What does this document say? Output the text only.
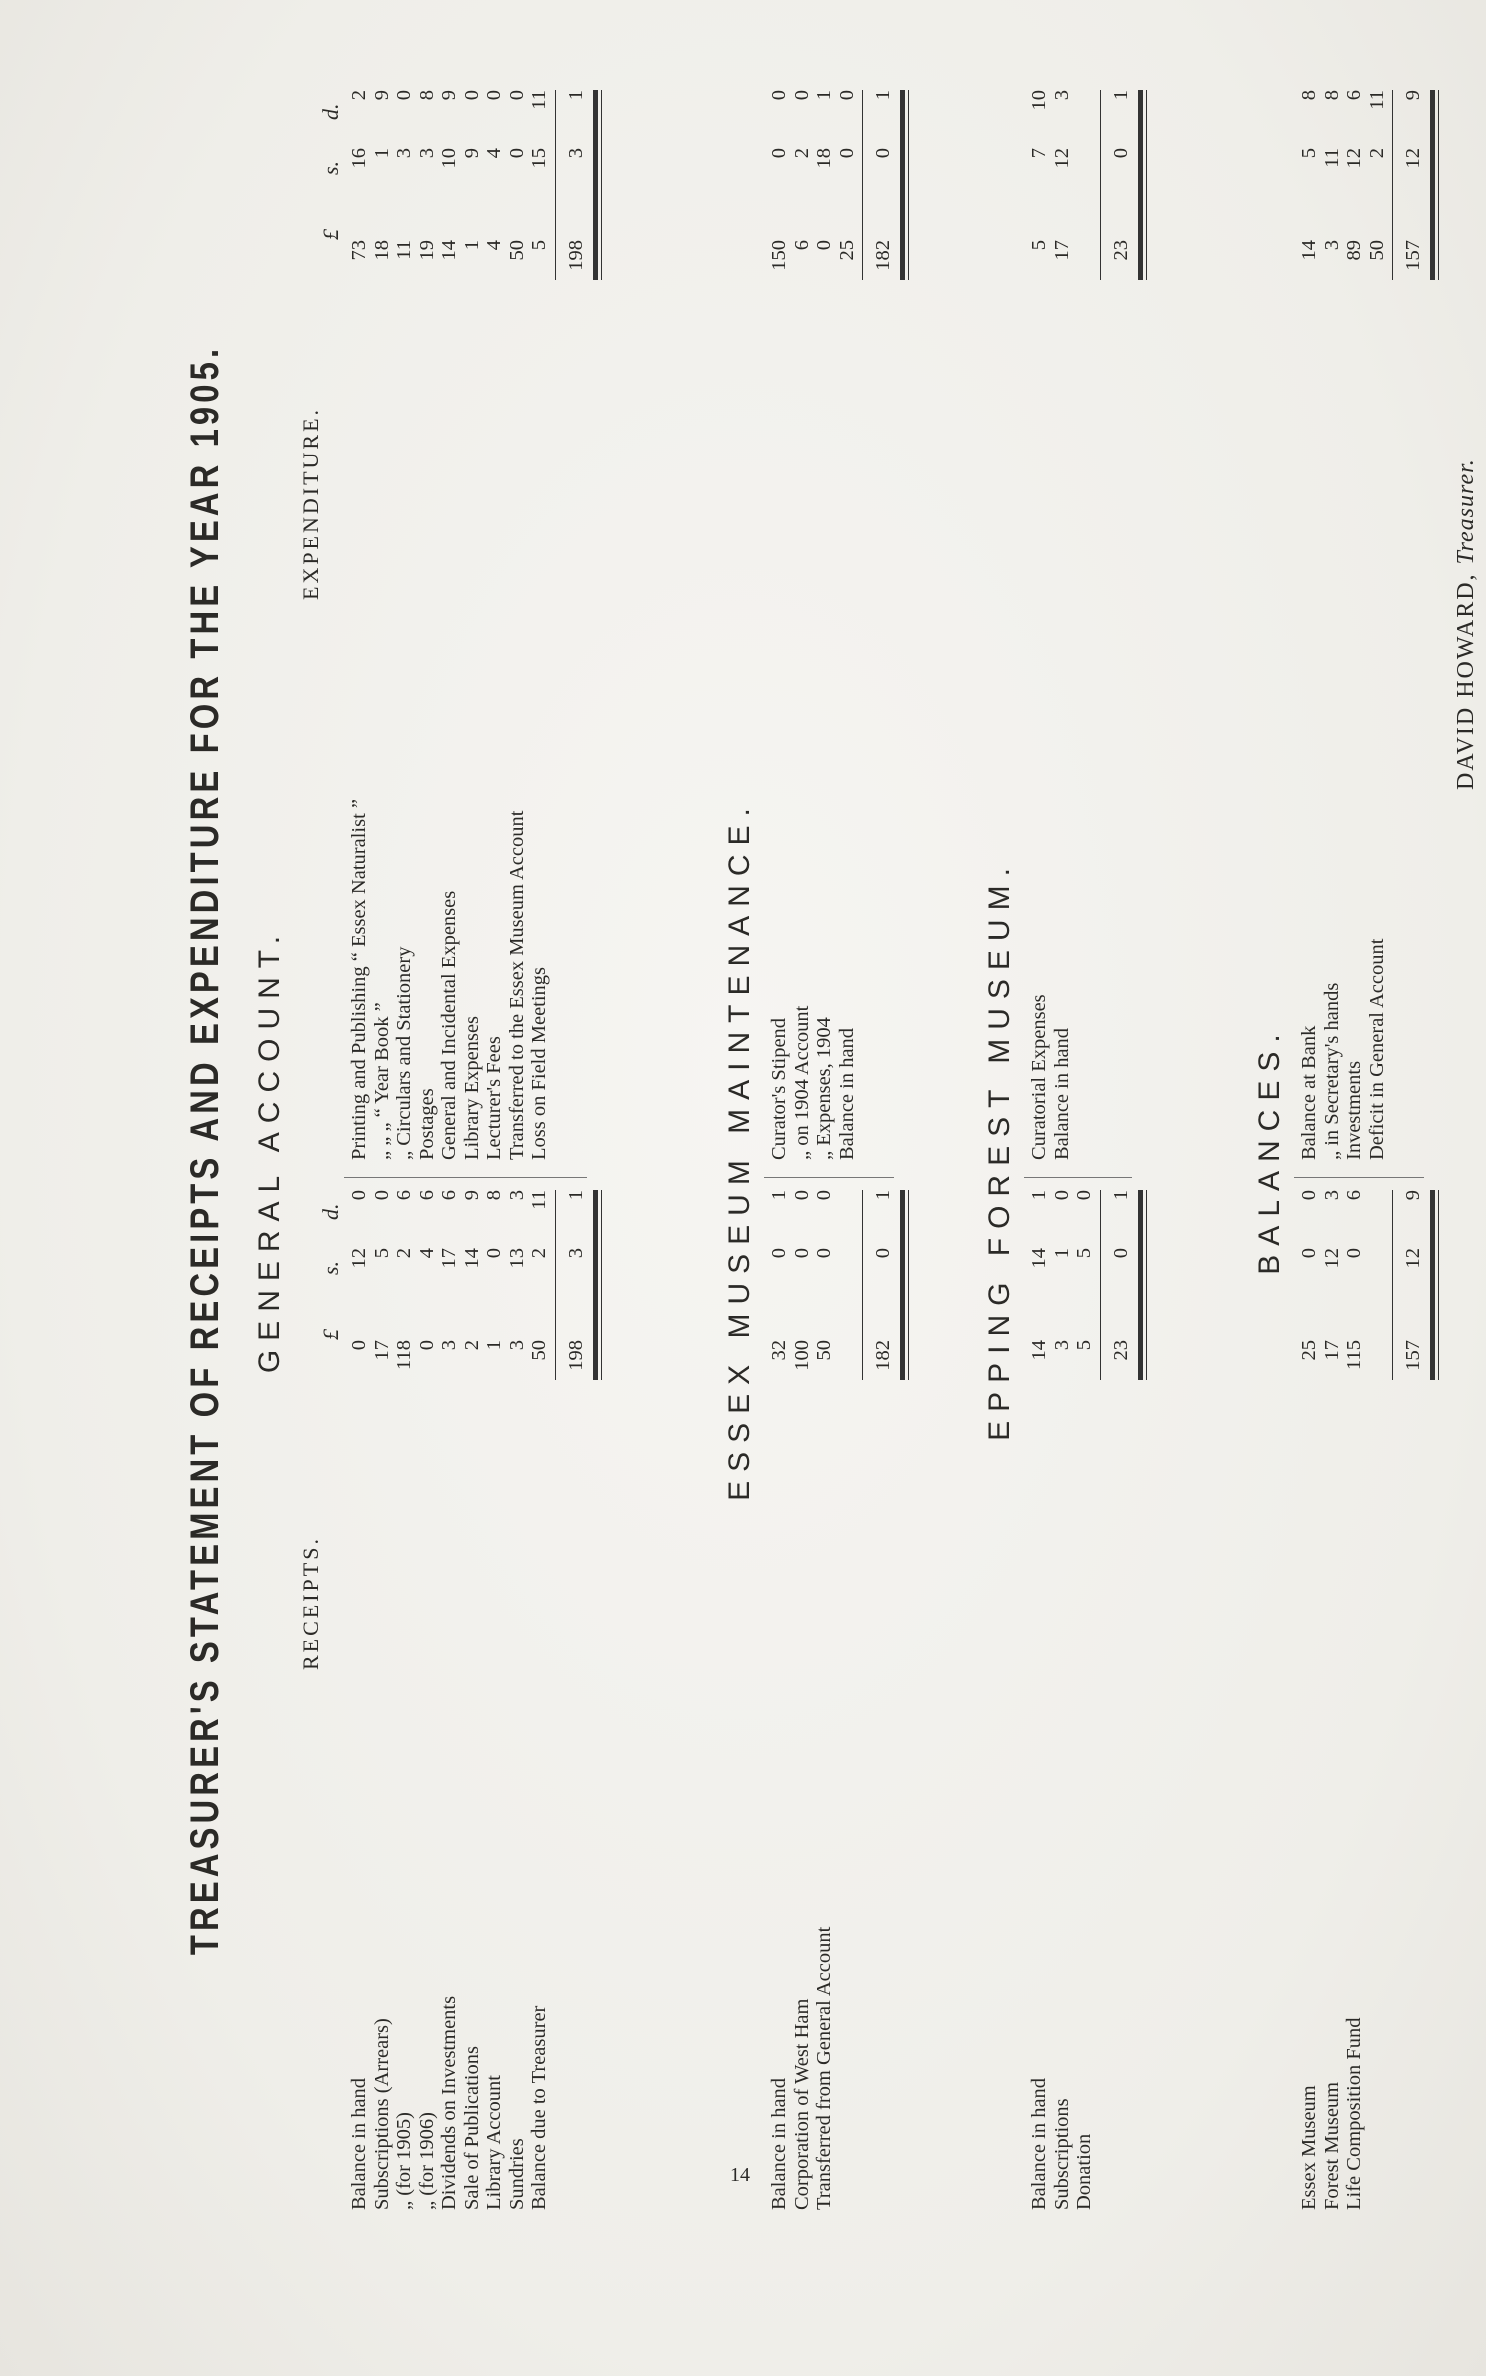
TREASURER'S STATEMENT OF RECEIPTS AND EXPENDITURE FOR THE YEAR 1905. GENERAL ACCOUNT.
RECEIPTS.
£
s.
d.
Balance in hand
0
12
0
Subscriptions (Arrears)
17
5
0
„ (for 1905)
118
2
6
„ (for 1906)
0
4
6
Dividends on Investments
3
17
6
Sale of Publications
2
14
9
Library Account
1
0
8
Sundries
3
13
3
Balance due to Treasurer
50
2
11
198
3
1
EXPENDITURE.
£
s.
d.
Printing and Publishing “ Essex Naturalist ”
73
16
2
„ „ „ “ Year Book ”
18
1
9
„ Circulars and Stationery
11
3
0
Postages
19
3
8
General and Incidental Expenses
14
10
9
Library Expenses
1
9
0
Lecturer's Fees
4
4
0
Transferred to the Essex Museum Account
50
0
0
Loss on Field Meetings
5
15
11
198
3
1
ESSEX MUSEUM MAINTENANCE.
Balance in hand
32
0
1
Corporation of West Ham
100
0
0
Transferred from General Account
50
0
0
182
0
1
Curator's Stipend
150
0
0
„ on 1904 Account
6
2
0
„ Expenses, 1904
0
18
1
Balance in hand
25
0
0
182
0
1
EPPING FOREST MUSEUM.
Balance in hand
14
14
1
Subscriptions
3
1
0
Donation
5
5
0
23
0
1
Curatorial Expenses
5
7
10
Balance in hand
17
12
3
23
0
1
BALANCES.
Essex Museum
25
0
0
Forest Museum
17
12
3
Life Composition Fund
115
0
6
157
12
9
Balance at Bank
14
5
8
„ in Secretary's hands
3
11
8
Investments
89
12
6
Deficit in General Account
50
2
11
157
12
9
DAVID HOWARD, Treasurer.
14
